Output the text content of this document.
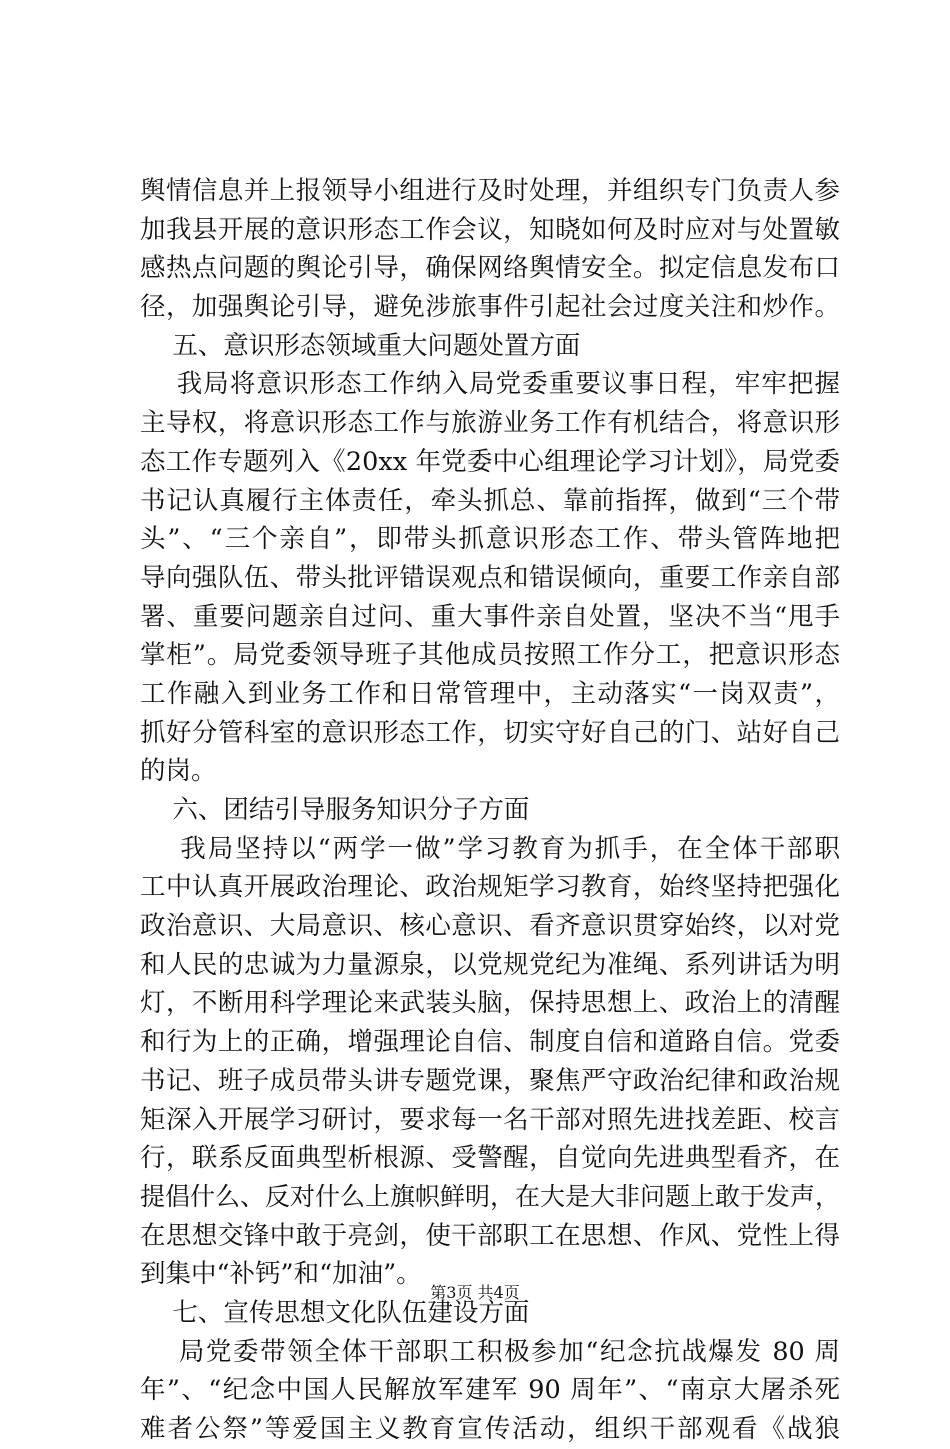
舆情信息并上报领导小组进行及时处理，并组织专门负责人参
加我县开展的意识形态工作会议，知晓如何及时应对与处置敏
感热点问题的舆论引导，确保网络舆情安全。拟定信息发布口
径，加强舆论引导，避免涉旅事件引起社会过度关注和炒作。
五、意识形态领域重大问题处置方面
我局将意识形态工作纳入局党委重要议事日程，牢牢把握
主导权，将意识形态工作与旅游业务工作有机结合，将意识形
态工作专题列入《20xx 年党委中心组理论学习计划》，局党委
书记认真履行主体责任，牵头抓总、靠前指挥，做到“三个带
头”、“三个亲自”，即带头抓意识形态工作、带头管阵地把
导向强队伍、带头批评错误观点和错误倾向，重要工作亲自部
署、重要问题亲自过问、重大事件亲自处置，坚决不当“甩手
掌柜”。局党委领导班子其他成员按照工作分工，把意识形态
工作融入到业务工作和日常管理中，主动落实“一岗双责”，
抓好分管科室的意识形态工作，切实守好自己的门、站好自己
的岗。
六、团结引导服务知识分子方面
我局坚持以“两学一做”学习教育为抓手，在全体干部职
工中认真开展政治理论、政治规矩学习教育，始终坚持把强化
政治意识、大局意识、核心意识、看齐意识贯穿始终，以对党
和人民的忠诚为力量源泉，以党规党纪为准绳、系列讲话为明
灯，不断用科学理论来武装头脑，保持思想上、政治上的清醒
和行为上的正确，增强理论自信、制度自信和道路自信。党委
书记、班子成员带头讲专题党课，聚焦严守政治纪律和政治规
矩深入开展学习研讨，要求每一名干部对照先进找差距、校言
行，联系反面典型析根源、受警醒，自觉向先进典型看齐，在
提倡什么、反对什么上旗帜鲜明，在大是大非问题上敢于发声，
在思想交锋中敢于亮剑，使干部职工在思想、作风、党性上得
到集中“补钙”和“加油”。
七、宣传思想文化队伍建设方面
局党委带领全体干部职工积极参加“纪念抗战爆发 80 周
年”、“纪念中国人民解放军建军 90 周年”、“南京大屠杀死
难者公祭”等爱国主义教育宣传活动，组织干部观看《战狼
第3页 共4页
